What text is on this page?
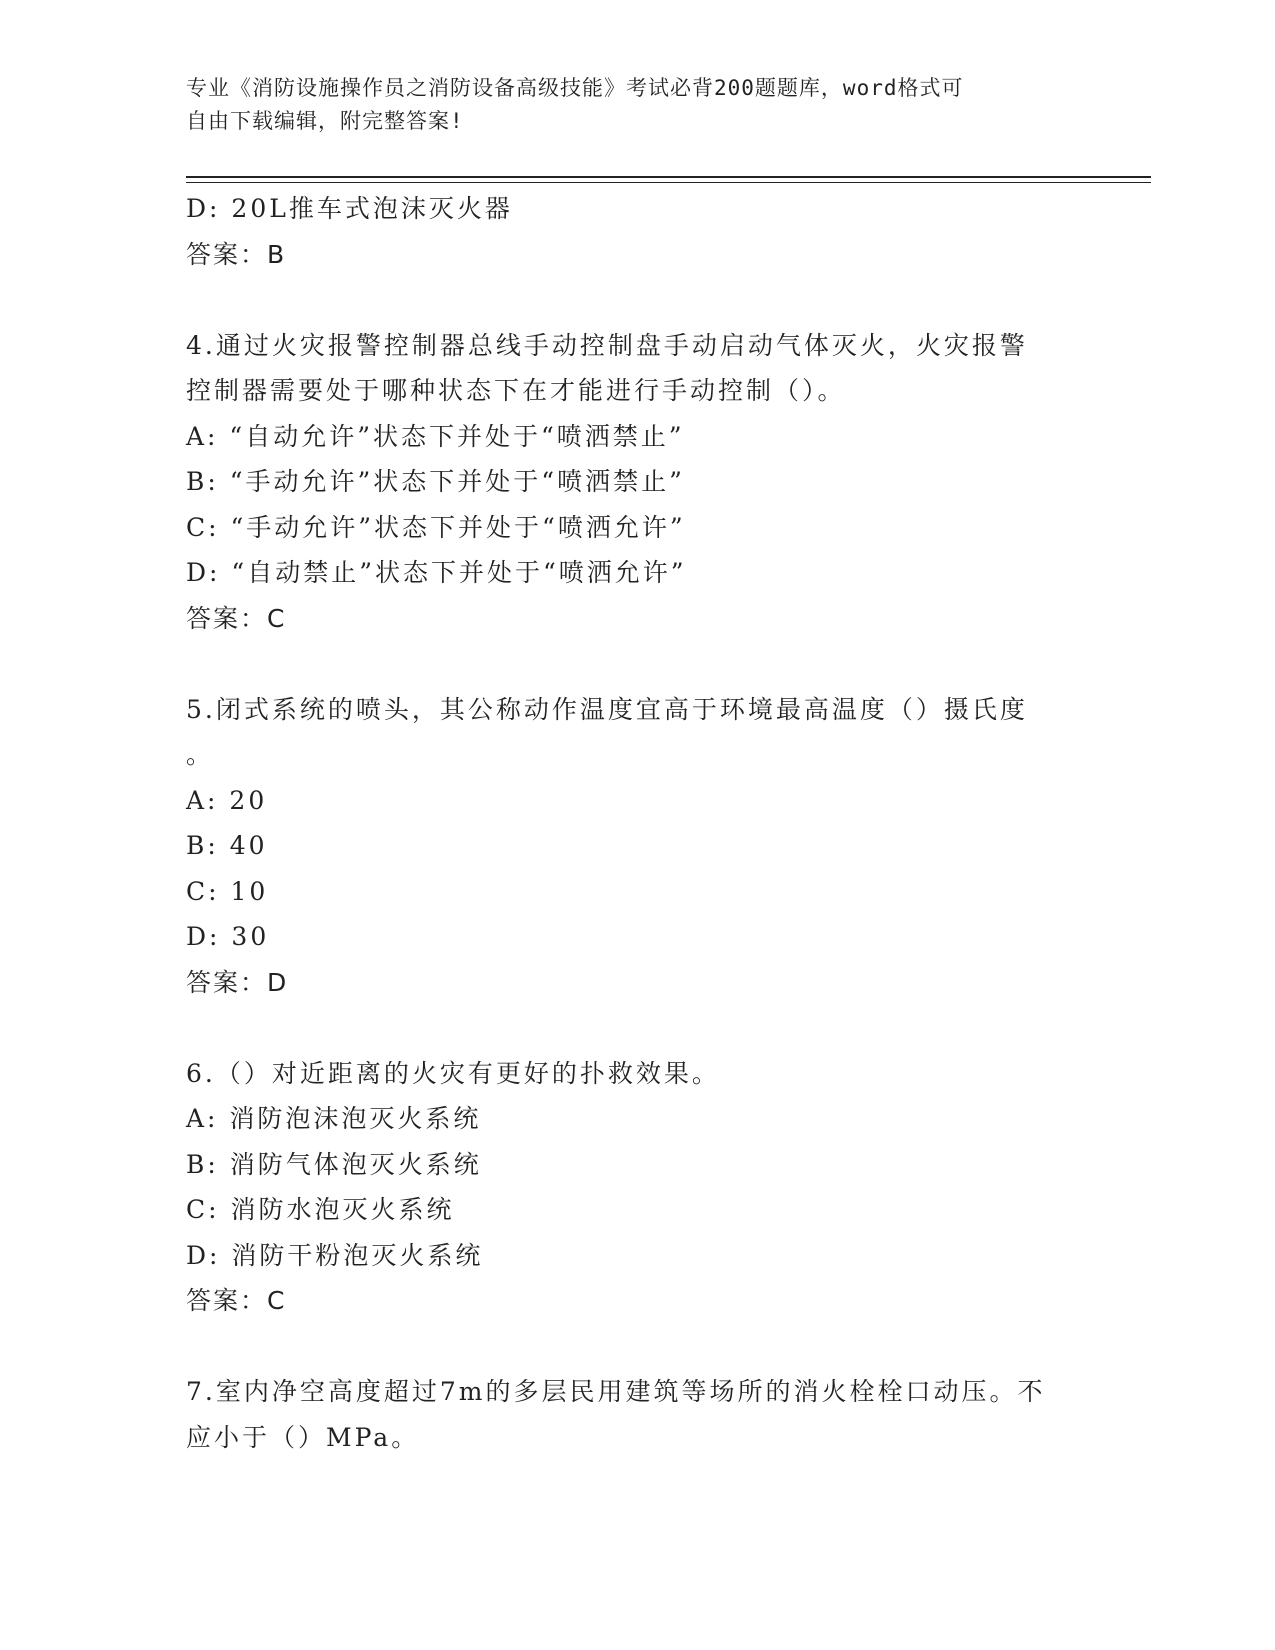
专业《消防设施操作员之消防设备高级技能》考试必背200题题库，word格式可
自由下载编辑，附完整答案!
D: 20L推车式泡沫灭火器
答案：B
4.通过火灾报警控制器总线手动控制盘手动启动气体灭火，火灾报警
控制器需要处于哪种状态下在才能进行手动控制（）。
A: “自动允许”状态下并处于“喷洒禁止”
B: “手动允许”状态下并处于“喷洒禁止”
C: “手动允许”状态下并处于“喷洒允许”
D: “自动禁止”状态下并处于“喷洒允许”
答案：C
5.闭式系统的喷头，其公称动作温度宜高于环境最高温度（）摄氏度
。
A: 20
B: 40
C: 10
D: 30
答案：D
6.（）对近距离的火灾有更好的扑救效果。
A: 消防泡沫泡灭火系统
B: 消防气体泡灭火系统
C: 消防水泡灭火系统
D: 消防干粉泡灭火系统
答案：C
7.室内净空高度超过7m的多层民用建筑等场所的消火栓栓口动压。不
应小于（）MPa。
